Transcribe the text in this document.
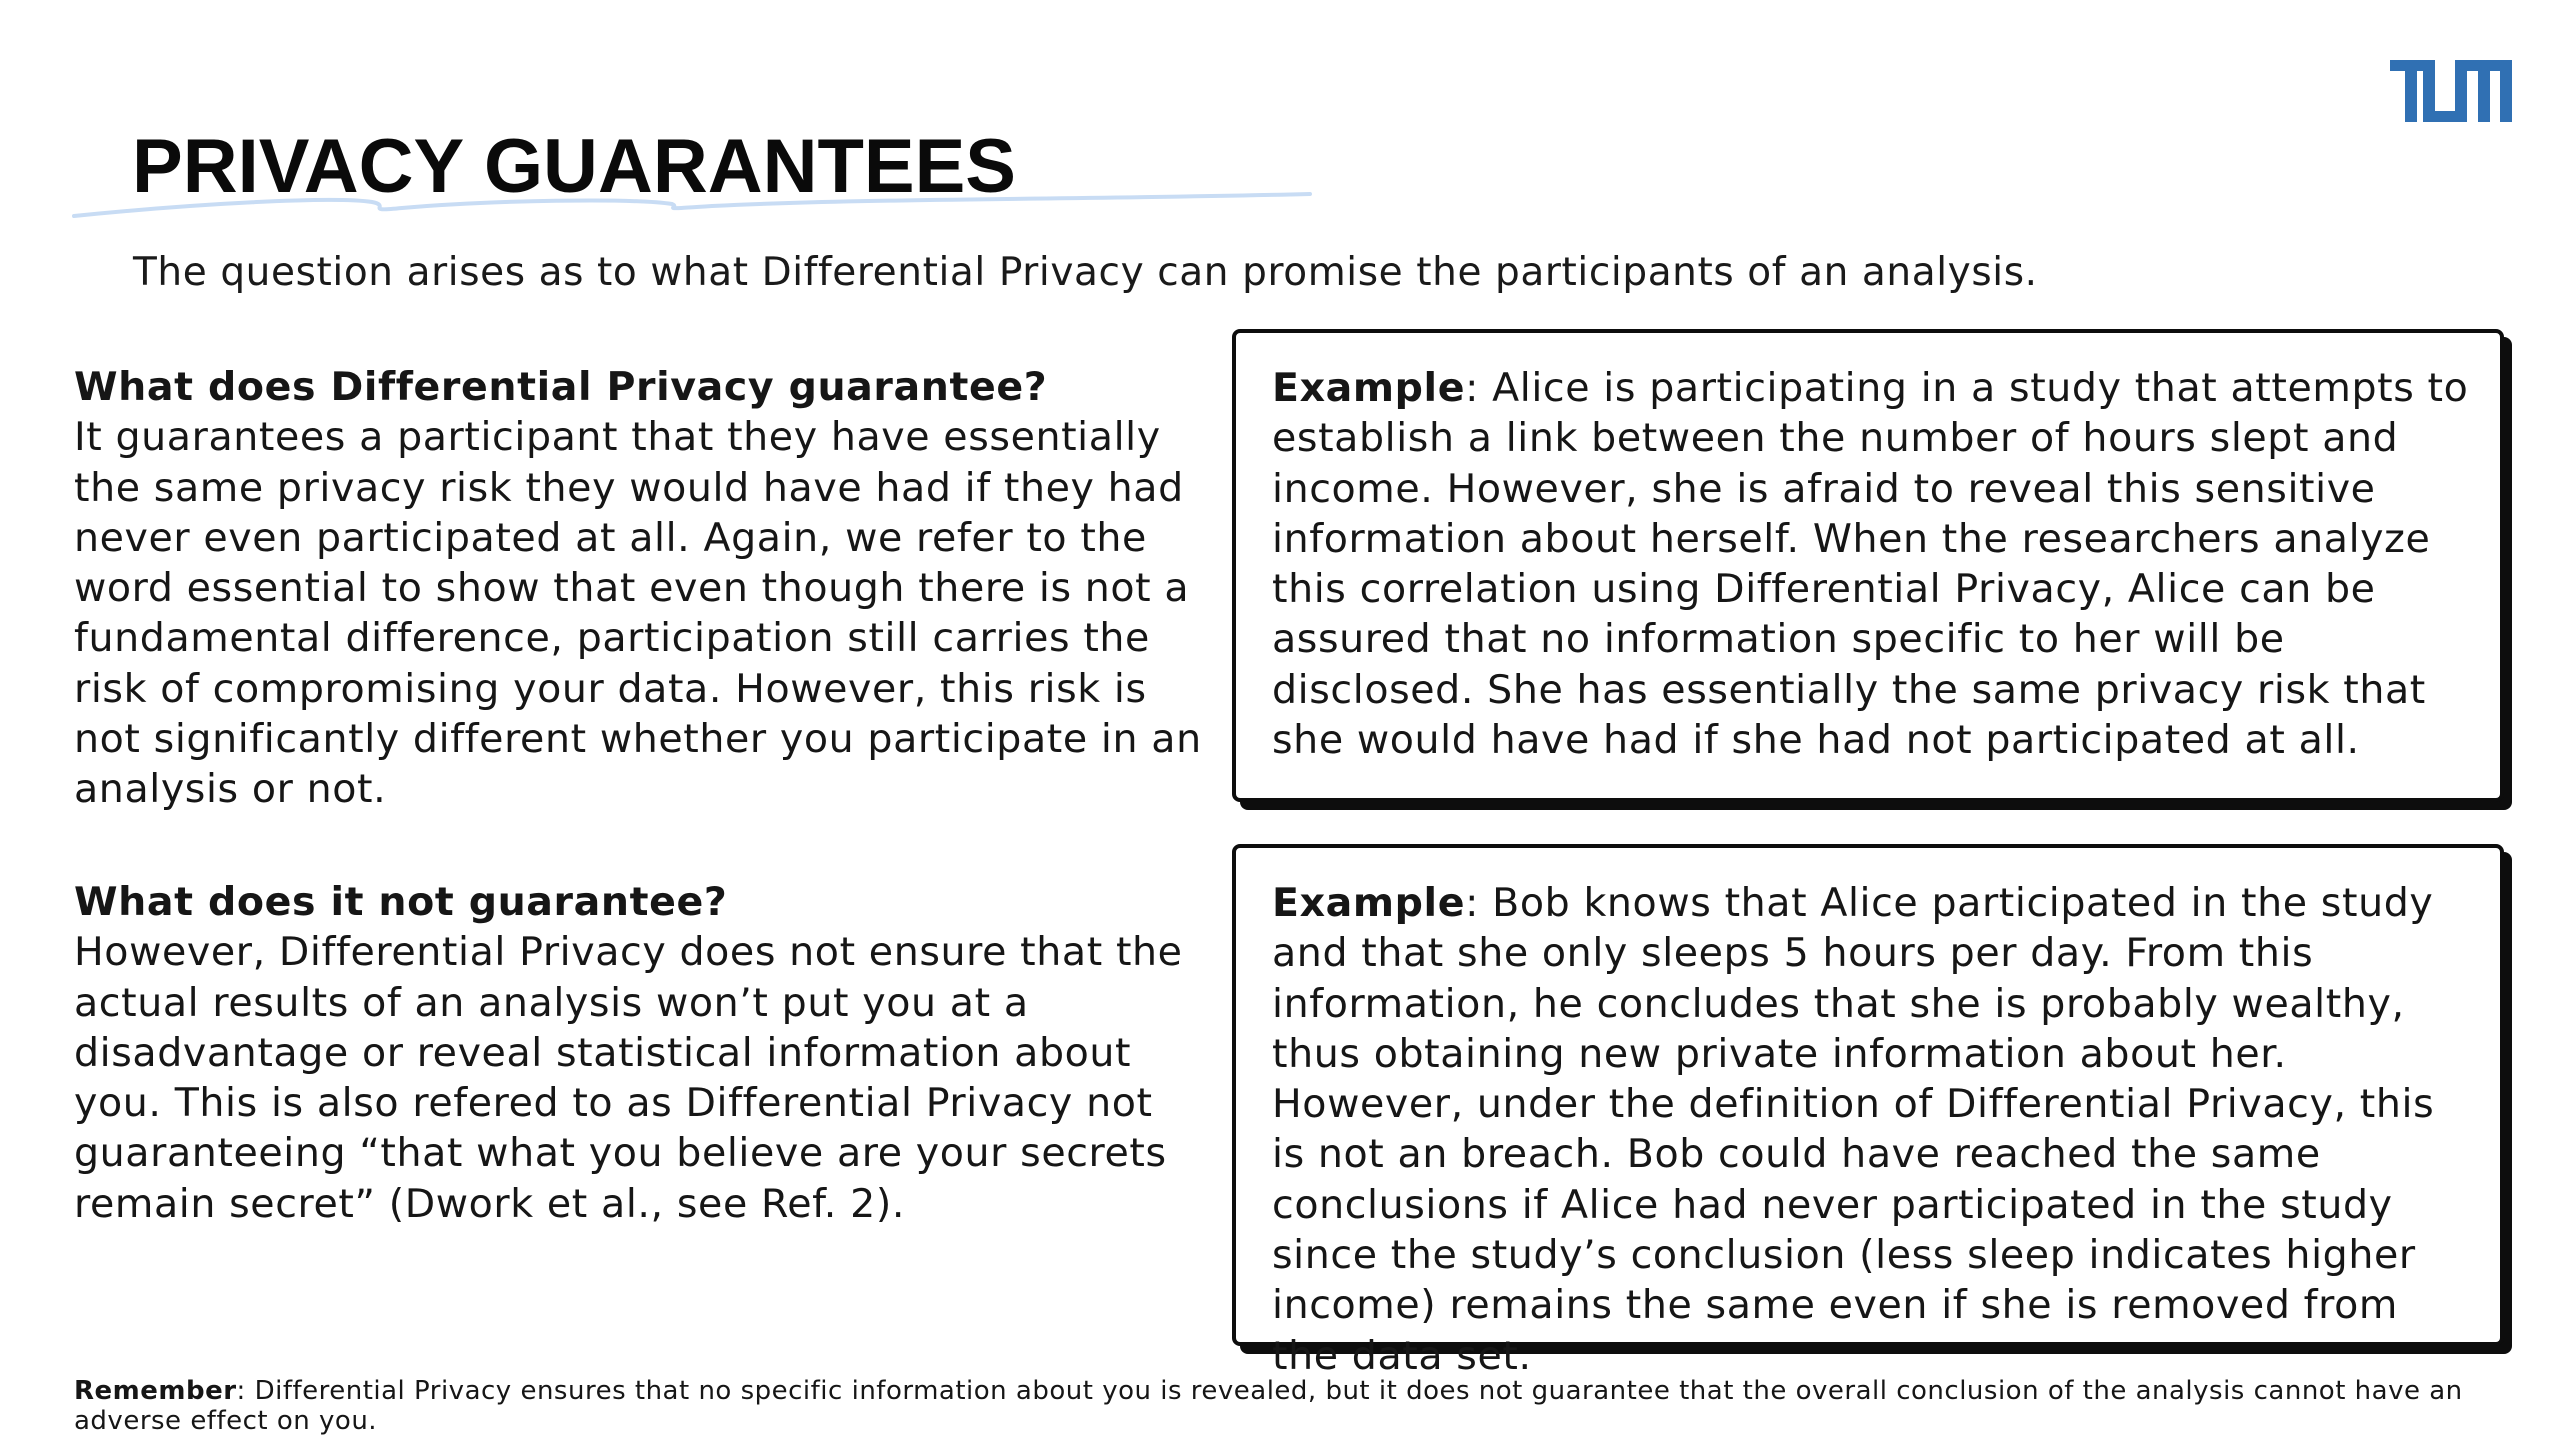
PRIVACY GUARANTEES

The question arises as to what Differential Privacy can promise the participants of an analysis.

What does Differential Privacy guarantee?
It guarantees a participant that they have essentially the same privacy risk they would have had if they had never even participated at all. Again, we refer to the word essential to show that even though there is not a fundamental difference, participation still carries the risk of compromising your data. However, this risk is not significantly different whether you participate in an analysis or not.
What does it not guarantee?
However, Differential Privacy does not ensure that the actual results of an analysis won’t put you at a disadvantage or reveal statistical information about you. This is also refered to as Differential Privacy not guaranteeing “that what you believe are your secrets remain secret” (Dwork et al., see Ref. 2).

Example: Alice is participating in a study that attempts to establish a link between the number of hours slept and income. However, she is afraid to reveal this sensitive information about herself. When the researchers analyze this correlation using Differential Privacy, Alice can be assured that no information specific to her will be disclosed. She has essentially the same privacy risk that she would have had if she had not participated at all.

Example: Bob knows that Alice participated in the study and that she only sleeps 5 hours per day. From this information, he concludes that she is probably wealthy, thus obtaining new private information about her. However, under the definition of Differential Privacy, this is not an breach. Bob could have reached the same conclusions if Alice had never participated in the study since the study’s conclusion (less sleep indicates higher income) remains the same even if she is removed from the data set.

Remember: Differential Privacy ensures that no specific information about you is revealed, but it does not guarantee that the overall conclusion of the analysis cannot have an adverse effect on you.
